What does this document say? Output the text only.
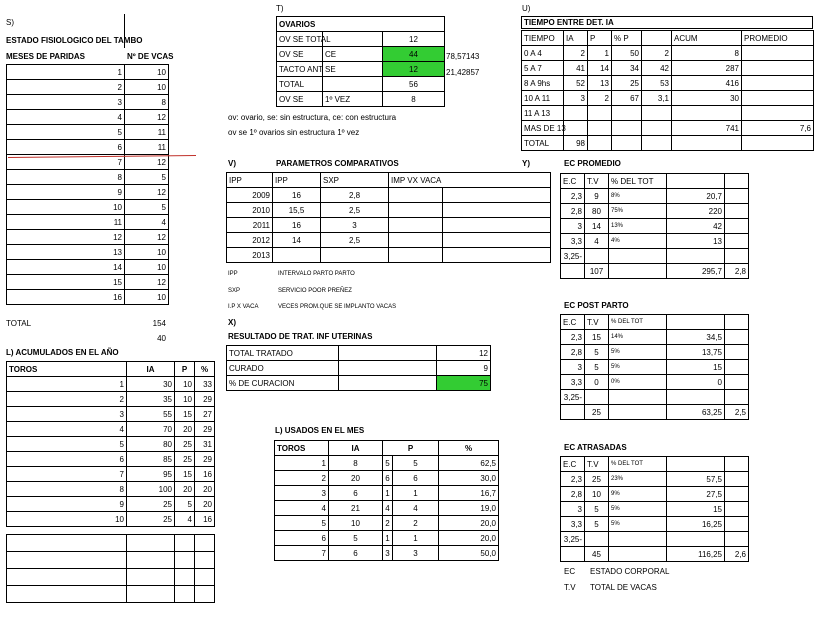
S)
ESTADO FISIOLOGICO DEL TAMBO
MESES DE PARIDAS	Nº DE VCAS
1	10
2	10
3	8
4	12
5	11
6	11
7	12
8	5
9	12
10	5
11	4
12	12
13	10
14	10
15	12
16	10
TOTAL	154
40
L) ACUMULADOS EN EL AÑO
TOROS	IA	P	%
1	30	10	33
2	35	10	29
3	55	15	27
4	70	20	29
5	80	25	31
6	85	25	29
7	95	15	16
8	100	20	20
9	25	5	20
10	25	4	16

T)
OVARIOS		
OV SE TOTAL		12
OV SE	CE	44
TACTO ANT	SE	12
TOTAL		56
OV SE	1º VEZ	8
78,57143
21,42857
ov: ovario, se: sin estructura, ce: con estructura
ov se 1º ovarios sin estructura 1º vez
V)	PARAMETROS COMPARATIVOS
IPP	IPP	SXP	IMP VX VACA	
2009	16	2,8		
2010	15,5	2,5		
2011	16	3		
2012	14	2,5		
2013				
IPP	INTERVALO PARTO PARTO
SXP	SERVICIO POOR PREÑEZ
I.P X VACA	VECES PROM.QUE SE IMPLANTO VACAS
X)
RESULTADO DE TRAT. INF UTERINAS
TOTAL TRATADO		12
CURADO		9
% DE CURACION		75
L) USADOS EN EL MES
TOROS	IA	P		%
1	8	5	5	62,5
2	20	6	6	30,0
3	6	1	1	16,7
4	21	4	4	19,0
5	10	2	2	20,0
6	5	1	1	20,0
7	6	3	3	50,0
U)
TIEMPO ENTRE DET. IA
TIEMPO	IA	P	% P		ACUM	PROMEDIO
0 A 4	2	1	50	2	8	
5 A 7	41	14	34	42	287	
8 A 9hs	52	13	25	53	416	
10 A 11	3	2	67	3,1	30	
11 A 13						
MAS DE 13					741	7,6
TOTAL	98					
Y)	EC PROMEDIO
E.C	T.V	% DEL TOT		
2,3	9	8%	20,7	
2,8	80	75%	220	
3	14	13%	42	
3,3	4	4%	13	
3,25-				
	107		295,7	2,8
EC POST PARTO
E.C	T.V	% DEL TOT		
2,3	15	14%	34,5	
2,8	5	5%	13,75	
3	5	5%	15	
3,3	0	0%	0	
3,25-				
	25		63,25	2,5
EC ATRASADAS
E.C	T.V	% DEL TOT		
2,3	25	23%	57,5	
2,8	10	9%	27,5	
3	5	5%	15	
3,3	5	5%	16,25	
3,25-				
	45		116,25	2,6
EC ESTADO CORPORAL
T.V TOTAL DE VACAS
